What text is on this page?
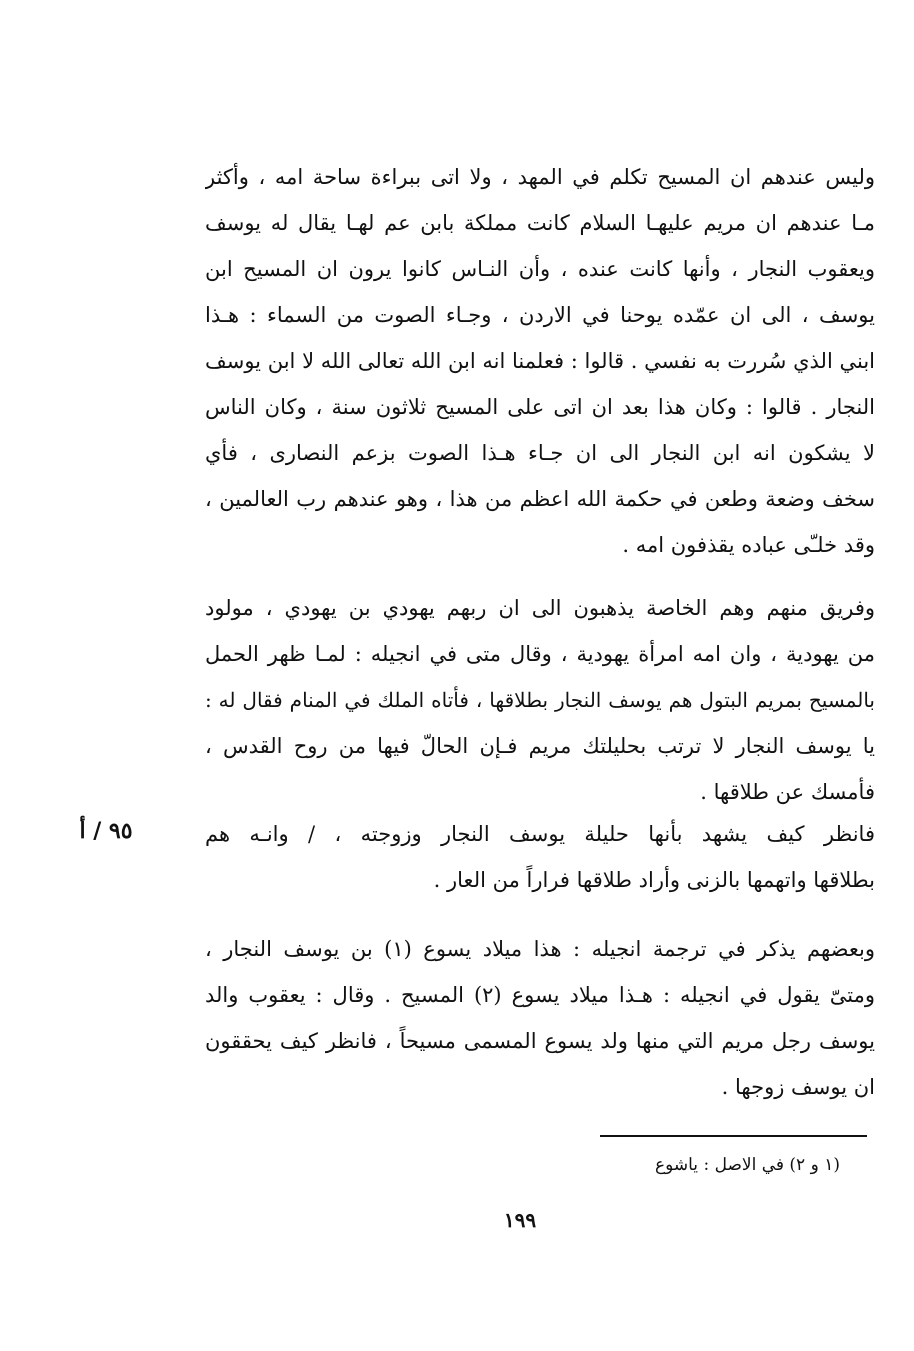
وليس عندهم ان المسيح تكلم في المهد ، ولا اتى ببراءة ساحة امه ، وأكثر
مـا عندهم ان مريم عليهـا السلام كانت مملكة بابن عم لهـا يقال له يوسف
ويعقوب النجار ، وأنها كانت عنده ، وأن النـاس كانوا يرون ان المسيح ابن
يوسف ، الى ان عمّده يوحنا في الاردن ، وجـاء الصوت من السماء : هـذا
ابني الذي سُررت به نفسي . قالوا : فعلمنا انه ابن الله تعالى الله لا ابن يوسف
النجار . قالوا : وكان هذا بعد ان اتى على المسيح ثلاثون سنة ، وكان الناس
لا يشكون انه ابن النجار الى ان جـاء هـذا الصوت بزعم النصارى ، فأي
سخف وضعة وطعن في حكمة الله اعظم من هذا ، وهو عندهم رب العالمين ،
وقد خلـّى عباده يقذفون امه .
وفريق منهم وهم الخاصة يذهبون الى ان ربهم يهودي بن يهودي ، مولود
من يهودية ، وان امه امرأة يهودية ، وقال متى في انجيله : لمـا ظهر الحمل
بالمسيح بمريم البتول هم يوسف النجار بطلاقها ، فأتاه الملك في المنام فقال له :
يا يوسف النجار لا ترتب بحليلتك مريم فـإن الحالّ فيها من روح القدس ،
فأمسك عن طلاقها .
٩٥ / أ	فانظر كيف يشهد بأنها حليلة يوسف النجار وزوجته ، / وانـه هم
بطلاقها واتهمها بالزنى وأراد طلاقها فراراً من العار .
وبعضهم يذكر في ترجمة انجيله : هذا ميلاد يسوع (١) بن يوسف النجار ،
ومتىّ يقول في انجيله : هـذا ميلاد يسوع (٢) المسيح . وقال : يعقوب والد
يوسف رجل مريم التي منها ولد يسوع المسمى مسيحاً ، فانظر كيف يحققون
ان يوسف زوجها .
(١ و ٢) في الاصل : ياشوع
١٩٩
